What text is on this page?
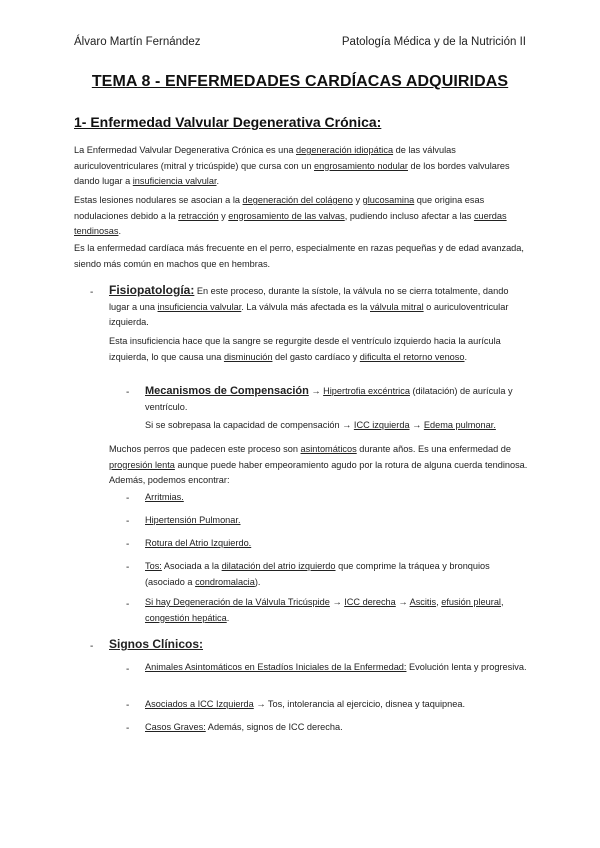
Álvaro Martín Fernández	Patología Médica y de la Nutrición II
TEMA 8 - ENFERMEDADES CARDÍACAS ADQUIRIDAS
1- Enfermedad Valvular Degenerativa Crónica:
La Enfermedad Valvular Degenerativa Crónica es una degeneración idiopática de las válvulas auriculoventriculares (mitral y tricúspide) que cursa con un engrosamiento nodular de los bordes valvulares dando lugar a insuficiencia valvular.
Estas lesiones nodulares se asocian a la degeneración del colágeno y glucosamina que origina esas nodulaciones debido a la retracción y engrosamiento de las valvas, pudiendo incluso afectar a las cuerdas tendinosas.
Es la enfermedad cardíaca más frecuente en el perro, especialmente en razas pequeñas y de edad avanzada, siendo más común en machos que en hembras.
- Fisiopatología: En este proceso, durante la sístole, la válvula no se cierra totalmente, dando lugar a una insuficiencia valvular. La válvula más afectada es la válvula mitral o auriculoventricular izquierda.
Esta insuficiencia hace que la sangre se regurgite desde el ventrículo izquierdo hacia la aurícula izquierda, lo que causa una disminución del gasto cardíaco y dificulta el retorno venoso.
- Mecanismos de Compensación → Hipertrofia excéntrica (dilatación) de aurícula y ventrículo.
Si se sobrepasa la capacidad de compensación → ICC izquierda → Edema pulmonar.
Muchos perros que padecen este proceso son asintomáticos durante años. Es una enfermedad de progresión lenta aunque puede haber empeoramiento agudo por la rotura de alguna cuerda tendinosa. Además, podemos encontrar:
- Arritmias.
- Hipertensión Pulmonar.
- Rotura del Atrio Izquierdo.
- Tos: Asociada a la dilatación del atrio izquierdo que comprime la tráquea y bronquios (asociado a condromalacia).
- Si hay Degeneración de la Válvula Tricúspide → ICC derecha → Ascitis, efusión pleural, congestión hepática.
- Signos Clínicos:
- Animales Asintomáticos en Estadíos Iniciales de la Enfermedad: Evolución lenta y progresiva.
- Asociados a ICC Izquierda → Tos, intolerancia al ejercicio, disnea y taquipnea.
- Casos Graves: Además, signos de ICC derecha.
